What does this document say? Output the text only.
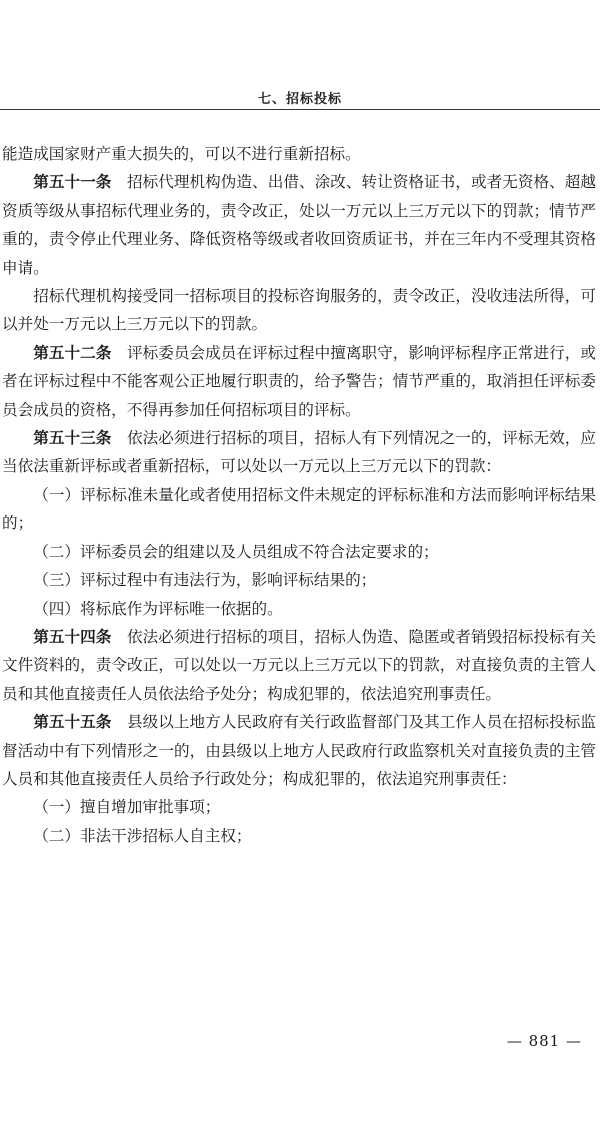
七、招标投标

能造成国家财产重大损失的，可以不进行重新招标。

第五十一条　招标代理机构伪造、出借、涂改、转让资格证书，或者无资格、超越资质等级从事招标代理业务的，责令改正，处以一万元以上三万元以下的罚款；情节严重的，责令停止代理业务、降低资格等级或者收回资质证书，并在三年内不受理其资格申请。

招标代理机构接受同一招标项目的投标咨询服务的，责令改正，没收违法所得，可以并处一万元以上三万元以下的罚款。

第五十二条　评标委员会成员在评标过程中擅离职守，影响评标程序正常进行，或者在评标过程中不能客观公正地履行职责的，给予警告；情节严重的，取消担任评标委员会成员的资格，不得再参加任何招标项目的评标。

第五十三条　依法必须进行招标的项目，招标人有下列情况之一的，评标无效，应当依法重新评标或者重新招标，可以处以一万元以上三万元以下的罚款：

（一）评标标准未量化或者使用招标文件未规定的评标标准和方法而影响评标结果的；

（二）评标委员会的组建以及人员组成不符合法定要求的；

（三）评标过程中有违法行为，影响评标结果的；

（四）将标底作为评标唯一依据的。

第五十四条　依法必须进行招标的项目，招标人伪造、隐匿或者销毁招标投标有关文件资料的，责令改正，可以处以一万元以上三万元以下的罚款，对直接负责的主管人员和其他直接责任人员依法给予处分；构成犯罪的，依法追究刑事责任。

第五十五条　县级以上地方人民政府有关行政监督部门及其工作人员在招标投标监督活动中有下列情形之一的，由县级以上地方人民政府行政监察机关对直接负责的主管人员和其他直接责任人员给予行政处分；构成犯罪的，依法追究刑事责任：

（一）擅自增加审批事项；

（二）非法干涉招标人自主权；

— 881 —
